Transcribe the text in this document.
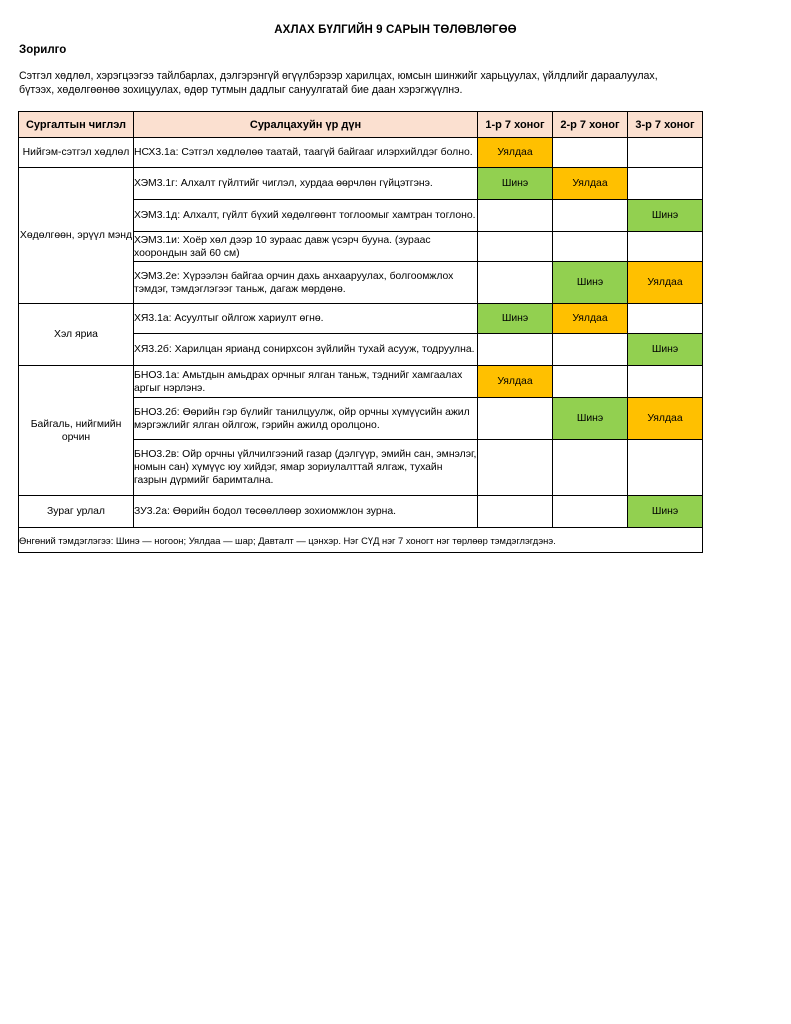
АХЛАХ БҮЛГИЙН 9 САРЫН ТӨЛӨВЛӨГӨӨ
Зорилго
Сэтгэл хөдлөл, хэрэгцээгээ тайлбарлах, дэлгэрэнгүй өгүүлбэрээр харилцах, юмсын шинжийг харьцуулах, үйлдлийг дараалуулах,
бүтээх, хөдөлгөөнөө зохицуулах, өдөр тутмын дадлыг сануулгатай бие даан хэрэгжүүлнэ.
Сургалтын чиглэл	Суралцахуйн үр дүн	1-р 7 хоног	2-р 7 хоног	3-р 7 хоног
Нийгэм-сэтгэл хөдлөл	НСХ3.1а: Сэтгэл хөдлөлөө таатай, таагүй байгааг илэрхийлдэг болно.	Уялдаа		
Хөдөлгөөн, эрүүл мэнд	ХЭМ3.1г: Алхалт гүйлтийг чиглэл, хурдаа өөрчлөн гүйцэтгэнэ.	Шинэ	Уялдаа	
	ХЭМ3.1д: Алхалт, гүйлт бүхий хөдөлгөөнт тоглоомыг хамтран тоглоно.			Шинэ
	ХЭМ3.1и: Хоёр хөл дээр 10 зураас давж үсэрч бууна. (зураас хоорондын зай 60 см)			
	ХЭМ3.2е: Хүрээлэн байгаа орчин дахь анхааруулах, болгоомжлох тэмдэг, тэмдэглэгээг таньж, дагаж мөрдөнө.		Шинэ	Уялдаа
Хэл яриа	ХЯ3.1а: Асуултыг ойлгож хариулт өгнө.	Шинэ	Уялдаа	
	ХЯ3.2б: Харилцан ярианд сонирхсон зүйлийн тухай асууж, тодруулна.			Шинэ
Байгаль, нийгмийн орчин	БНО3.1а: Амьтдын амьдрах орчныг ялган таньж, тэднийг хамгаалах аргыг нэрлэнэ.	Уялдаа		
	БНО3.2б: Өөрийн гэр бүлийг танилцуулж, ойр орчны хүмүүсийн ажил мэргэжлийг ялган ойлгож, гэрийн ажилд оролцоно.		Шинэ	Уялдаа
	БНО3.2в: Ойр орчны үйлчилгээний газар (дэлгүүр, эмийн сан, эмнэлэг, номын сан) хүмүүс юу хийдэг, ямар зориулалттай ялгаж, тухайн газрын дүрмийг баримтална.			
Зураг урлал	ЗУ3.2а: Өөрийн бодол төсөөллөөр зохиомжлон зурна.			Шинэ
Өнгөний тэмдэглэгээ: Шинэ — ногоон; Уялдаа — шар; Давталт — цэнхэр. Нэг СҮД нэг 7 хоногт нэг төрлөөр тэмдэглэгдэнэ.				
